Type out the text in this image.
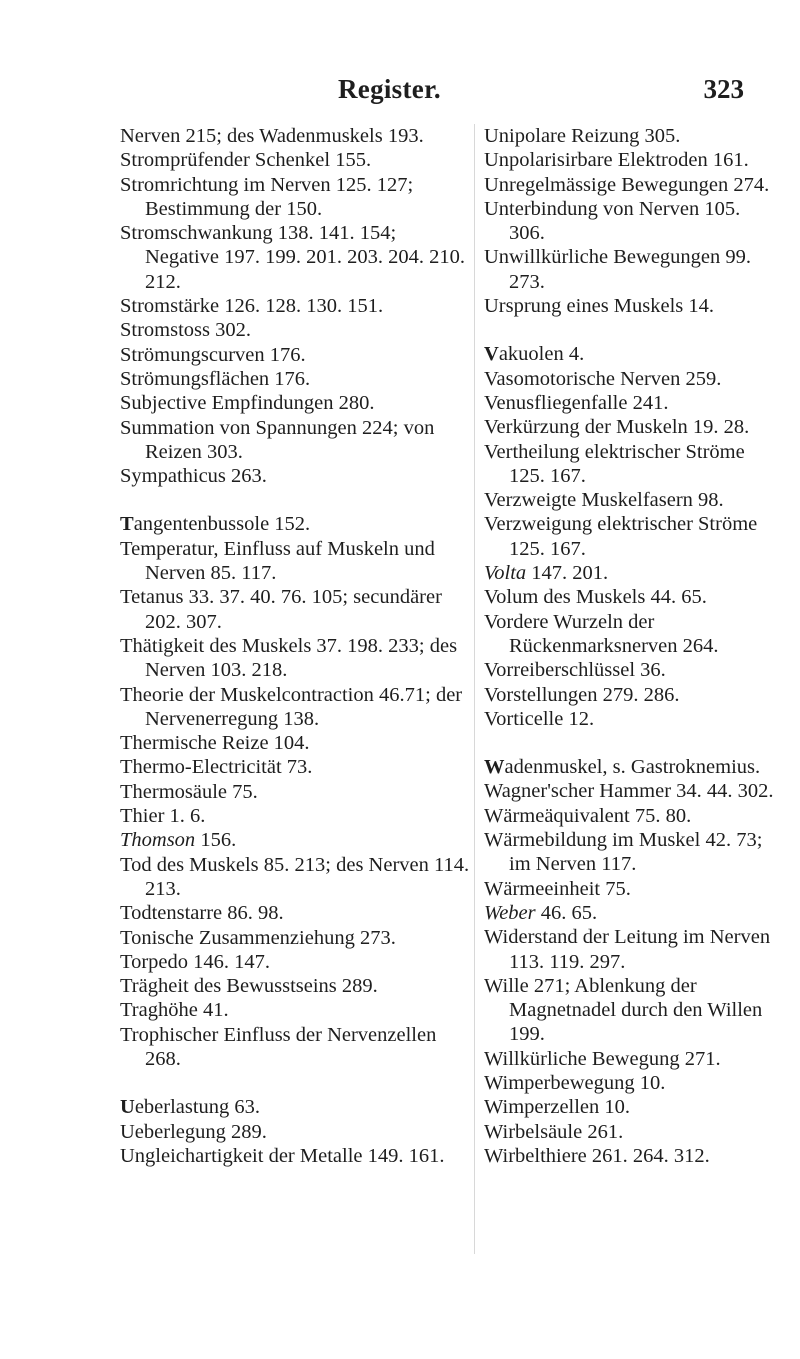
Register.	323
Nerven 215; des Wadenmuskels 193.
Stromprüfender Schenkel 155.
Stromrichtung im Nerven 125. 127; Bestimmung der 150.
Stromschwankung 138. 141. 154; Negative 197. 199. 201. 203. 204. 210. 212.
Stromstärke 126. 128. 130. 151.
Stromstoss 302.
Strömungscurven 176.
Strömungsflächen 176.
Subjective Empfindungen 280.
Summation von Spannungen 224; von Reizen 303.
Sympathicus 263.
Tangentenbussole 152.
Temperatur, Einfluss auf Muskeln und Nerven 85. 117.
Tetanus 33. 37. 40. 76. 105; secundärer 202. 307.
Thätigkeit des Muskels 37. 198. 233; des Nerven 103. 218.
Theorie der Muskelcontraction 46.71; der Nervenerregung 138.
Thermische Reize 104.
Thermo-Electricität 73.
Thermosäule 75.
Thier 1. 6.
Thomson 156.
Tod des Muskels 85. 213; des Nerven 114. 213.
Todtenstarre 86. 98.
Tonische Zusammenziehung 273.
Torpedo 146. 147.
Trägheit des Bewusstseins 289.
Traghöhe 41.
Trophischer Einfluss der Nervenzellen 268.
Ueberlastung 63.
Ueberlegung 289.
Ungleichartigkeit der Metalle 149. 161.
Unipolare Reizung 305.
Unpolarisirbare Elektroden 161.
Unregelmässige Bewegungen 274.
Unterbindung von Nerven 105. 306.
Unwillkürliche Bewegungen 99. 273.
Ursprung eines Muskels 14.
Vakuolen 4.
Vasomotorische Nerven 259.
Venusfliegenfalle 241.
Verkürzung der Muskeln 19. 28.
Vertheilung elektrischer Ströme 125. 167.
Verzweigte Muskelfasern 98.
Verzweigung elektrischer Ströme 125. 167.
Volta 147. 201.
Volum des Muskels 44. 65.
Vordere Wurzeln der Rückenmarksnerven 264.
Vorreiberschlüssel 36.
Vorstellungen 279. 286.
Vorticelle 12.
Wadenmuskel, s. Gastroknemius.
Wagner'scher Hammer 34. 44. 302.
Wärmeäquivalent 75. 80.
Wärmebildung im Muskel 42. 73; im Nerven 117.
Wärmeeinheit 75.
Weber 46. 65.
Widerstand der Leitung im Nerven 113. 119. 297.
Wille 271; Ablenkung der Magnetnadel durch den Willen 199.
Willkürliche Bewegung 271.
Wimperbewegung 10.
Wimperzellen 10.
Wirbelsäule 261.
Wirbelthiere 261. 264. 312.
